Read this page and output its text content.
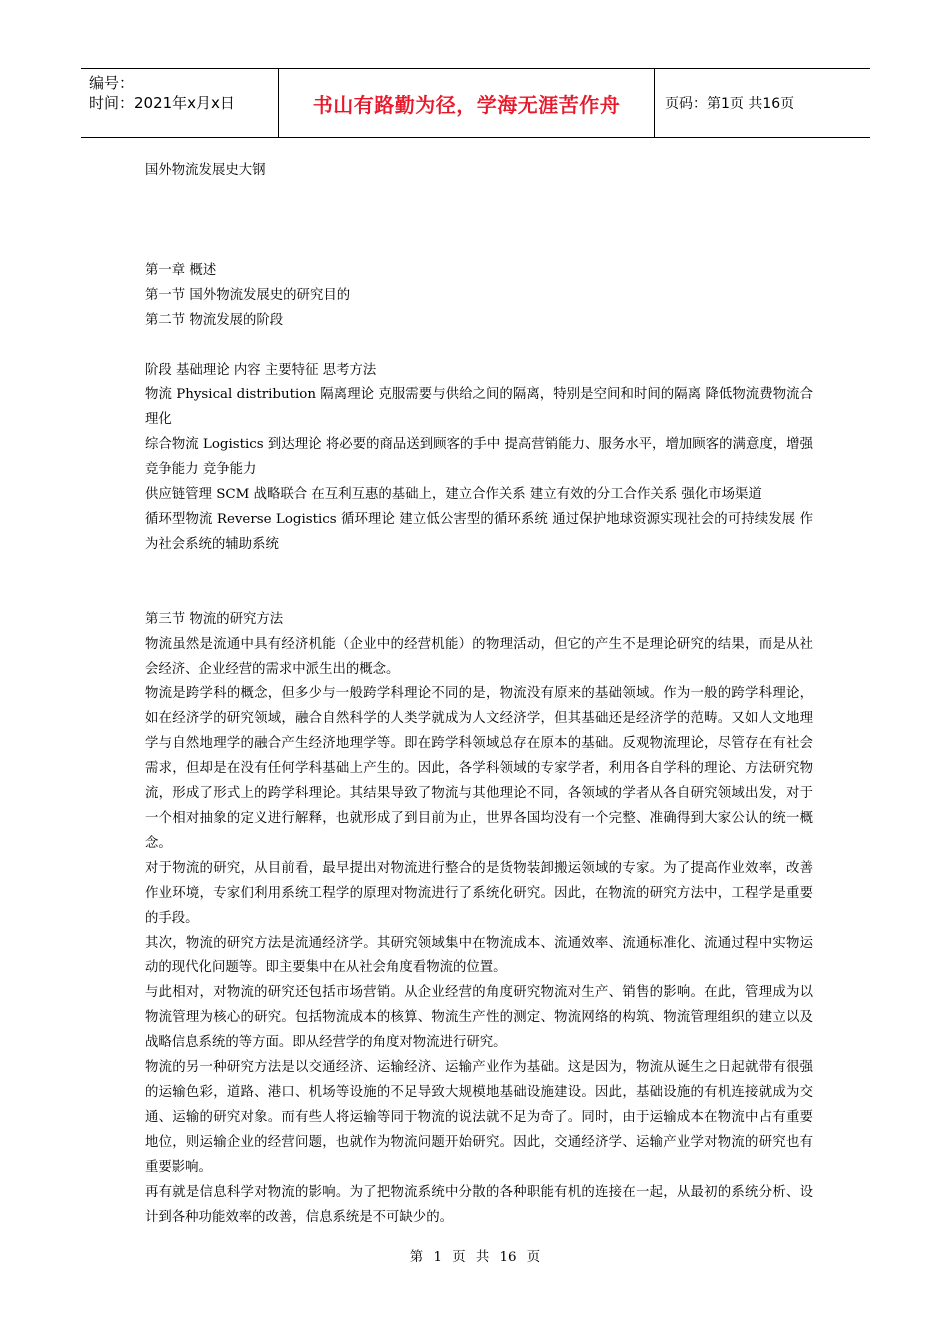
编号：
时间：2021年x月x日	书山有路勤为径，学海无涯苦作舟	页码：第1页 共16页

国外物流发展史大钢

第一章 概述

第一节 国外物流发展史的研究目的

第二节 物流发展的阶段

阶段 基础理论 内容 主要特征 思考方法

物流 Physical distribution 隔离理论 克服需要与供给之间的隔离，特别是空间和时间的隔离 降低物流费物流合理化

综合物流 Logistics 到达理论 将必要的商品送到顾客的手中 提高营销能力、服务水平，增加顾客的满意度，增强竞争能力 竞争能力

供应链管理 SCM 战略联合 在互利互惠的基础上，建立合作关系 建立有效的分工合作关系 强化市场渠道

循环型物流 Reverse Logistics 循环理论 建立低公害型的循环系统 通过保护地球资源实现社会的可持续发展 作为社会系统的辅助系统

第三节 物流的研究方法

物流虽然是流通中具有经济机能（企业中的经营机能）的物理活动，但它的产生不是理论研究的结果，而是从社会经济、企业经营的需求中派生出的概念。

物流是跨学科的概念，但多少与一般跨学科理论不同的是，物流没有原来的基础领域。作为一般的跨学科理论，如在经济学的研究领域，融合自然科学的人类学就成为人文经济学，但其基础还是经济学的范畴。又如人文地理学与自然地理学的融合产生经济地理学等。即在跨学科领域总存在原本的基础。反观物流理论，尽管存在有社会需求，但却是在没有任何学科基础上产生的。因此，各学科领域的专家学者，利用各自学科的理论、方法研究物流，形成了形式上的跨学科理论。其结果导致了物流与其他理论不同，各领域的学者从各自研究领域出发，对于一个相对抽象的定义进行解释，也就形成了到目前为止，世界各国均没有一个完整、准确得到大家公认的统一概念。

对于物流的研究，从目前看，最早提出对物流进行整合的是货物装卸搬运领域的专家。为了提高作业效率，改善作业环境，专家们利用系统工程学的原理对物流进行了系统化研究。因此，在物流的研究方法中，工程学是重要的手段。

其次，物流的研究方法是流通经济学。其研究领域集中在物流成本、流通效率、流通标准化、流通过程中实物运动的现代化问题等。即主要集中在从社会角度看物流的位置。

与此相对，对物流的研究还包括市场营销。从企业经营的角度研究物流对生产、销售的影响。在此，管理成为以物流管理为核心的研究。包括物流成本的核算、物流生产性的测定、物流网络的构筑、物流管理组织的建立以及战略信息系统的等方面。即从经营学的角度对物流进行研究。

物流的另一种研究方法是以交通经济、运输经济、运输产业作为基础。这是因为，物流从诞生之日起就带有很强的运输色彩，道路、港口、机场等设施的不足导致大规模地基础设施建设。因此，基础设施的有机连接就成为交通、运输的研究对象。而有些人将运输等同于物流的说法就不足为奇了。同时，由于运输成本在物流中占有重要地位，则运输企业的经营问题，也就作为物流问题开始研究。因此，交通经济学、运输产业学对物流的研究也有重要影响。

再有就是信息科学对物流的影响。为了把物流系统中分散的各种职能有机的连接在一起，从最初的系统分析、设计到各种功能效率的改善，信息系统是不可缺少的。

第 1 页 共 16 页
